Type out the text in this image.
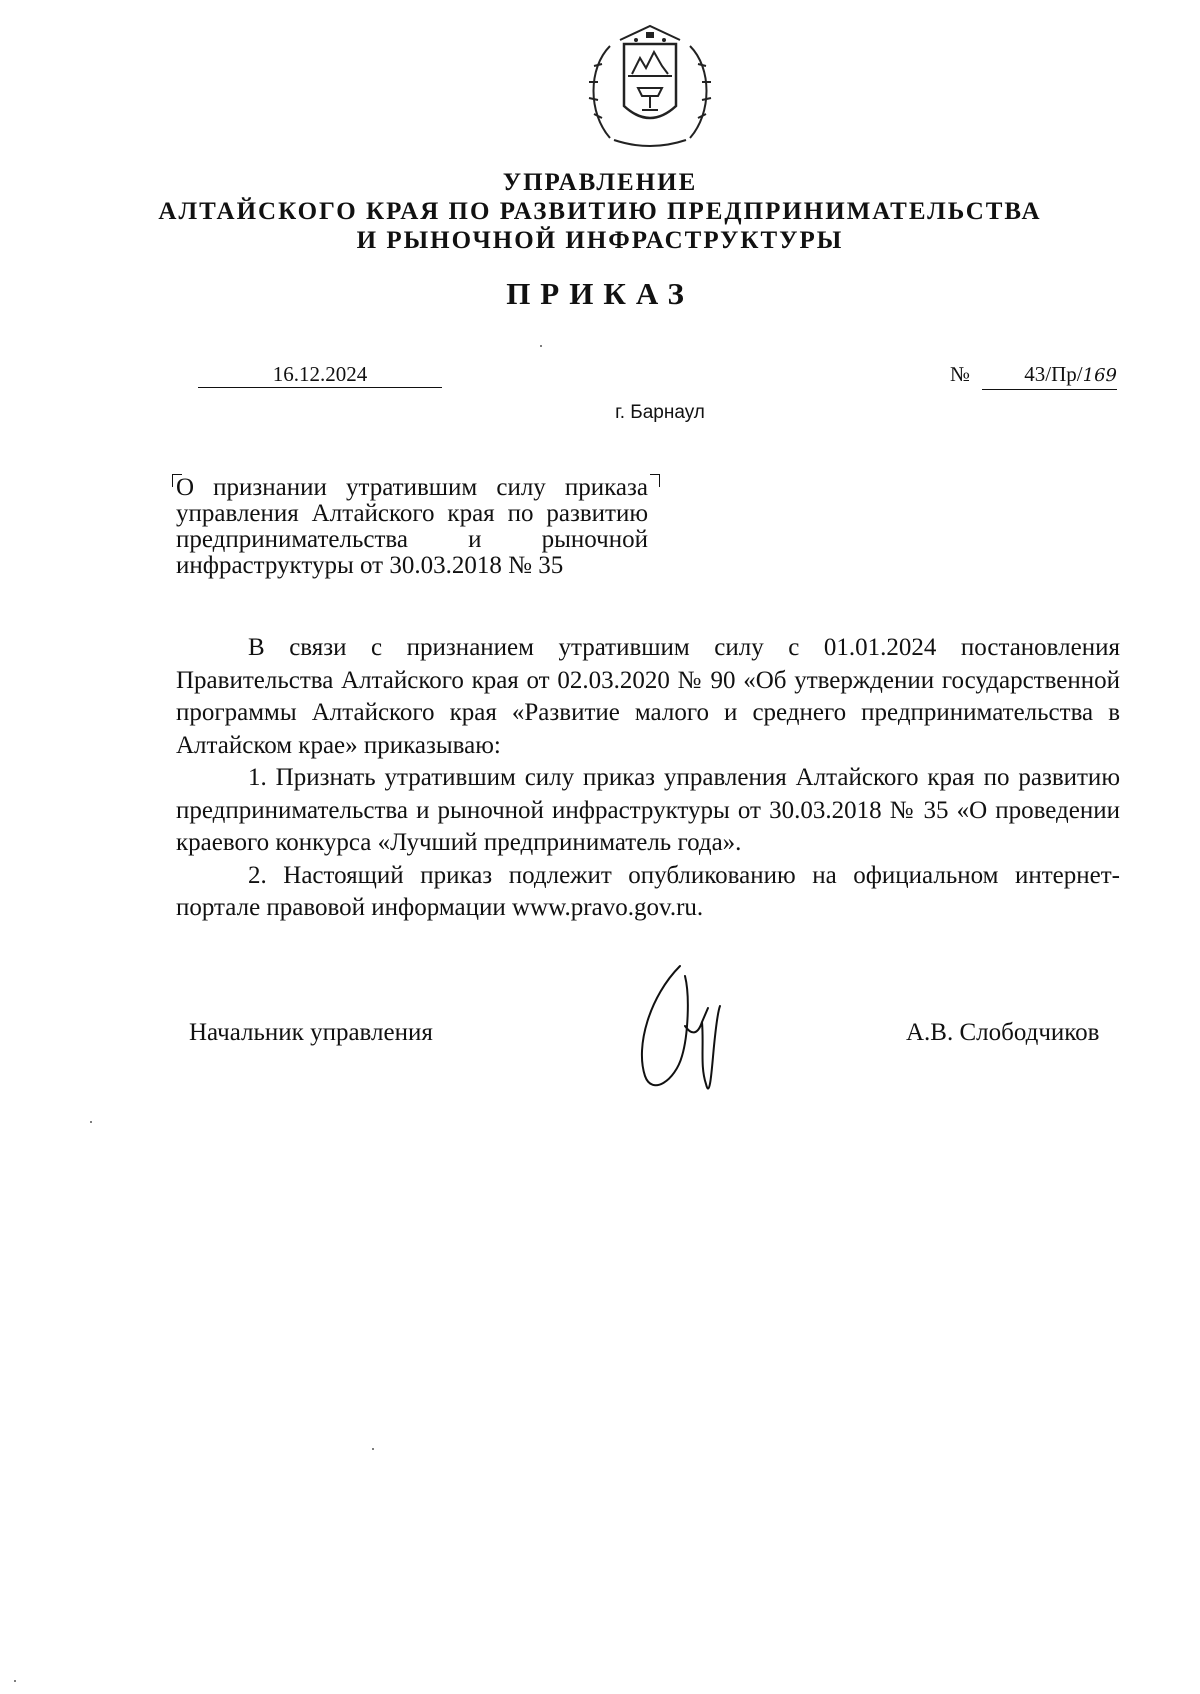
УПРАВЛЕНИЕ
АЛТАЙСКОГО КРАЯ ПО РАЗВИТИЮ ПРЕДПРИНИМАТЕЛЬСТВА
И РЫНОЧНОЙ ИНФРАСТРУКТУРЫ
ПРИКАЗ
16.12.2024	№	43/Пр/169
г. Барнаул
О признании утратившим силу приказа управления Алтайского края по развитию предпринимательства и рыночной инфраструктуры от 30.03.2018 № 35

В связи с признанием утратившим силу с 01.01.2024 постановления Правительства Алтайского края от 02.03.2020 № 90 «Об утверждении государственной программы Алтайского края «Развитие малого и среднего предпринимательства в Алтайском крае» приказываю:

1. Признать утратившим силу приказ управления Алтайского края по развитию предпринимательства и рыночной инфраструктуры от 30.03.2018 № 35 «О проведении краевого конкурса «Лучший предприниматель года».

2. Настоящий приказ подлежит опубликованию на официальном интернет-портале правовой информации www.pravo.gov.ru.

Начальник управления	А.В. Слободчиков
